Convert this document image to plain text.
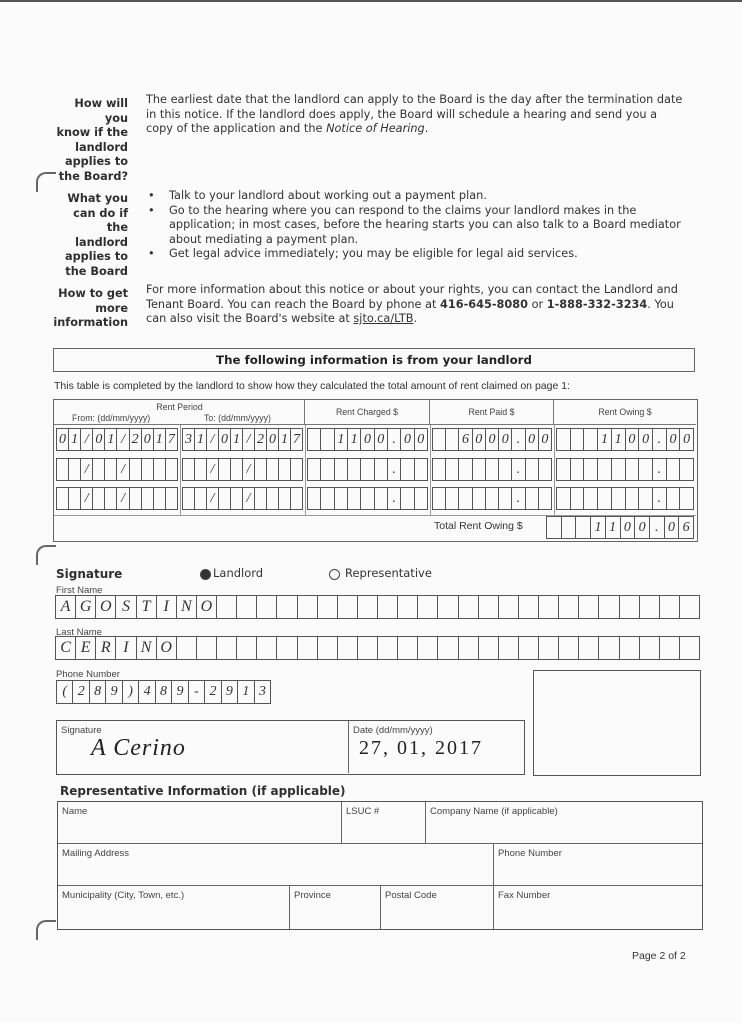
How will
you
know if the
landlord
applies to
the Board?
The earliest date that the landlord can apply to the Board is the day after the termination date in this notice. If the landlord does apply, the Board will schedule a hearing and send you a copy of the application and the Notice of Hearing.
What you
can do if
the
landlord
applies to
the Board
• Talk to your landlord about working out a payment plan.
• Go to the hearing where you can respond to the claims your landlord makes in the application; in most cases, before the hearing starts you can also talk to a Board mediator about mediating a payment plan.
• Get legal advice immediately; you may be eligible for legal aid services.
How to get
more
information
For more information about this notice or about your rights, you can contact the Landlord and Tenant Board. You can reach the Board by phone at 416-645-8080 or 1-888-332-3234. You can also visit the Board's website at sjto.ca/LTB.
The following information is from your landlord
This table is completed by the landlord to show how they calculated the total amount of rent claimed on page 1:
Rent Period
From: (dd/mm/yyyy)	To: (dd/mm/yyyy)
Rent Charged $	Rent Paid $	Rent Owing $
0 1 / 0 1 / 2 0 1 7 3 1 / 0 1 / 2 0 1 7	1 1 0 0 . 0 0	6 0 0 0 . 0 0	1 1 0 0 . 0 0
/	/	/	/	.	.	.
/	/	/	/	.	.	.
Total Rent Owing $	1 1 0 0 . 0 6
Signature	Landlord	Representative
First Name
A G O S T I N O
Last Name
C E R I N O
Phone Number
( 2 8 9 ) 4 8 9 - 2 9 1 3
Signature
A Cerino
Date (dd/mm/yyyy)
27, 01, 2017
Representative Information (if applicable)
Name	LSUC #	Company Name (if applicable)
Mailing Address	Phone Number
Municipality (City, Town, etc.)	Province	Postal Code	Fax Number
Page 2 of 2
